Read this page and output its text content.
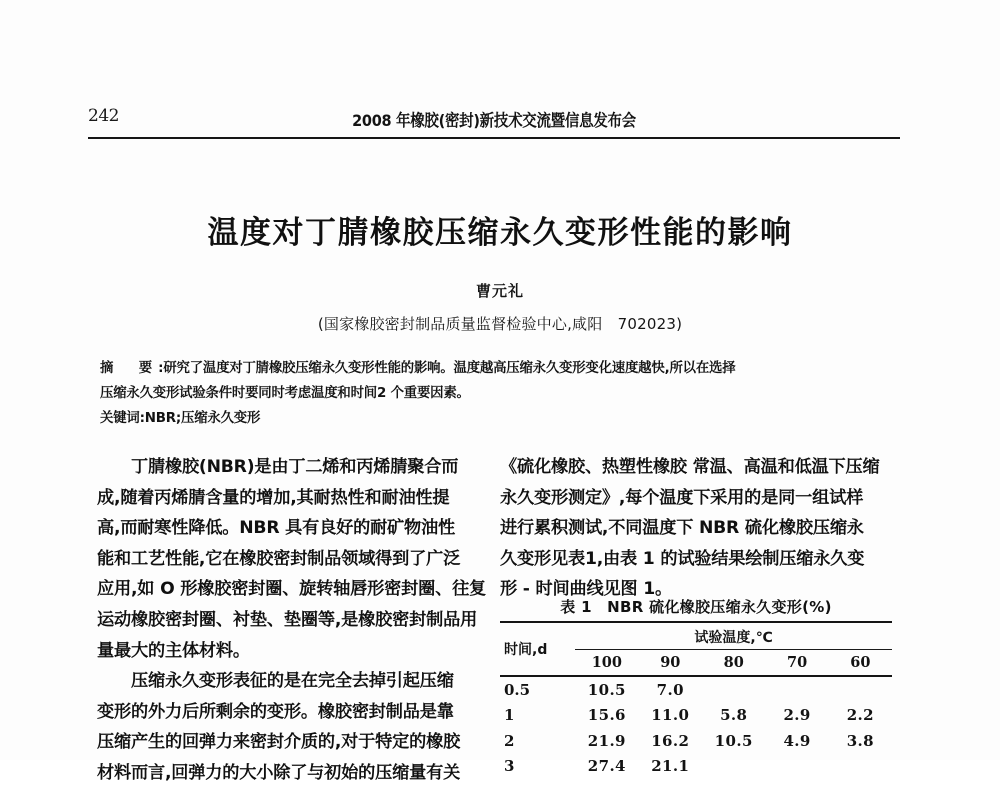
242	2008 年橡胶(密封)新技术交流暨信息发布会
温度对丁腈橡胶压缩永久变形性能的影响
曹元礼
(国家橡胶密封制品质量监督检验中心,咸阳　702023)
摘　要:研究了温度对丁腈橡胶压缩永久变形性能的影响。温度越高压缩永久变形变化速度越快,所以在选择
压缩永久变形试验条件时要同时考虑温度和时间2 个重要因素。
关键词:NBR;压缩永久变形
　　丁腈橡胶(NBR)是由丁二烯和丙烯腈聚合而
成,随着丙烯腈含量的增加,其耐热性和耐油性提
高,而耐寒性降低。NBR 具有良好的耐矿物油性
能和工艺性能,它在橡胶密封制品领域得到了广泛
应用,如 O 形橡胶密封圈、旋转轴唇形密封圈、往复
运动橡胶密封圈、衬垫、垫圈等,是橡胶密封制品用
量最大的主体材料。
　　压缩永久变形表征的是在完全去掉引起压缩
变形的外力后所剩余的变形。橡胶密封制品是靠
压缩产生的回弹力来密封介质的,对于特定的橡胶
材料而言,回弹力的大小除了与初始的压缩量有关
《硫化橡胶、热塑性橡胶 常温、高温和低温下压缩
永久变形测定》,每个温度下采用的是同一组试样
进行累积测试,不同温度下 NBR 硫化橡胶压缩永
久变形见表1,由表 1 的试验结果绘制压缩永久变
形 - 时间曲线见图 1。
表 1　NBR 硫化橡胶压缩永久变形(%)
时间,d	试验温度,℃				
	100	90	80	70	60
0.5	10.5	7.0			
1	15.6	11.0	5.8	2.9	2.2
2	21.9	16.2	10.5	4.9	3.8
3	27.4	21.1			
